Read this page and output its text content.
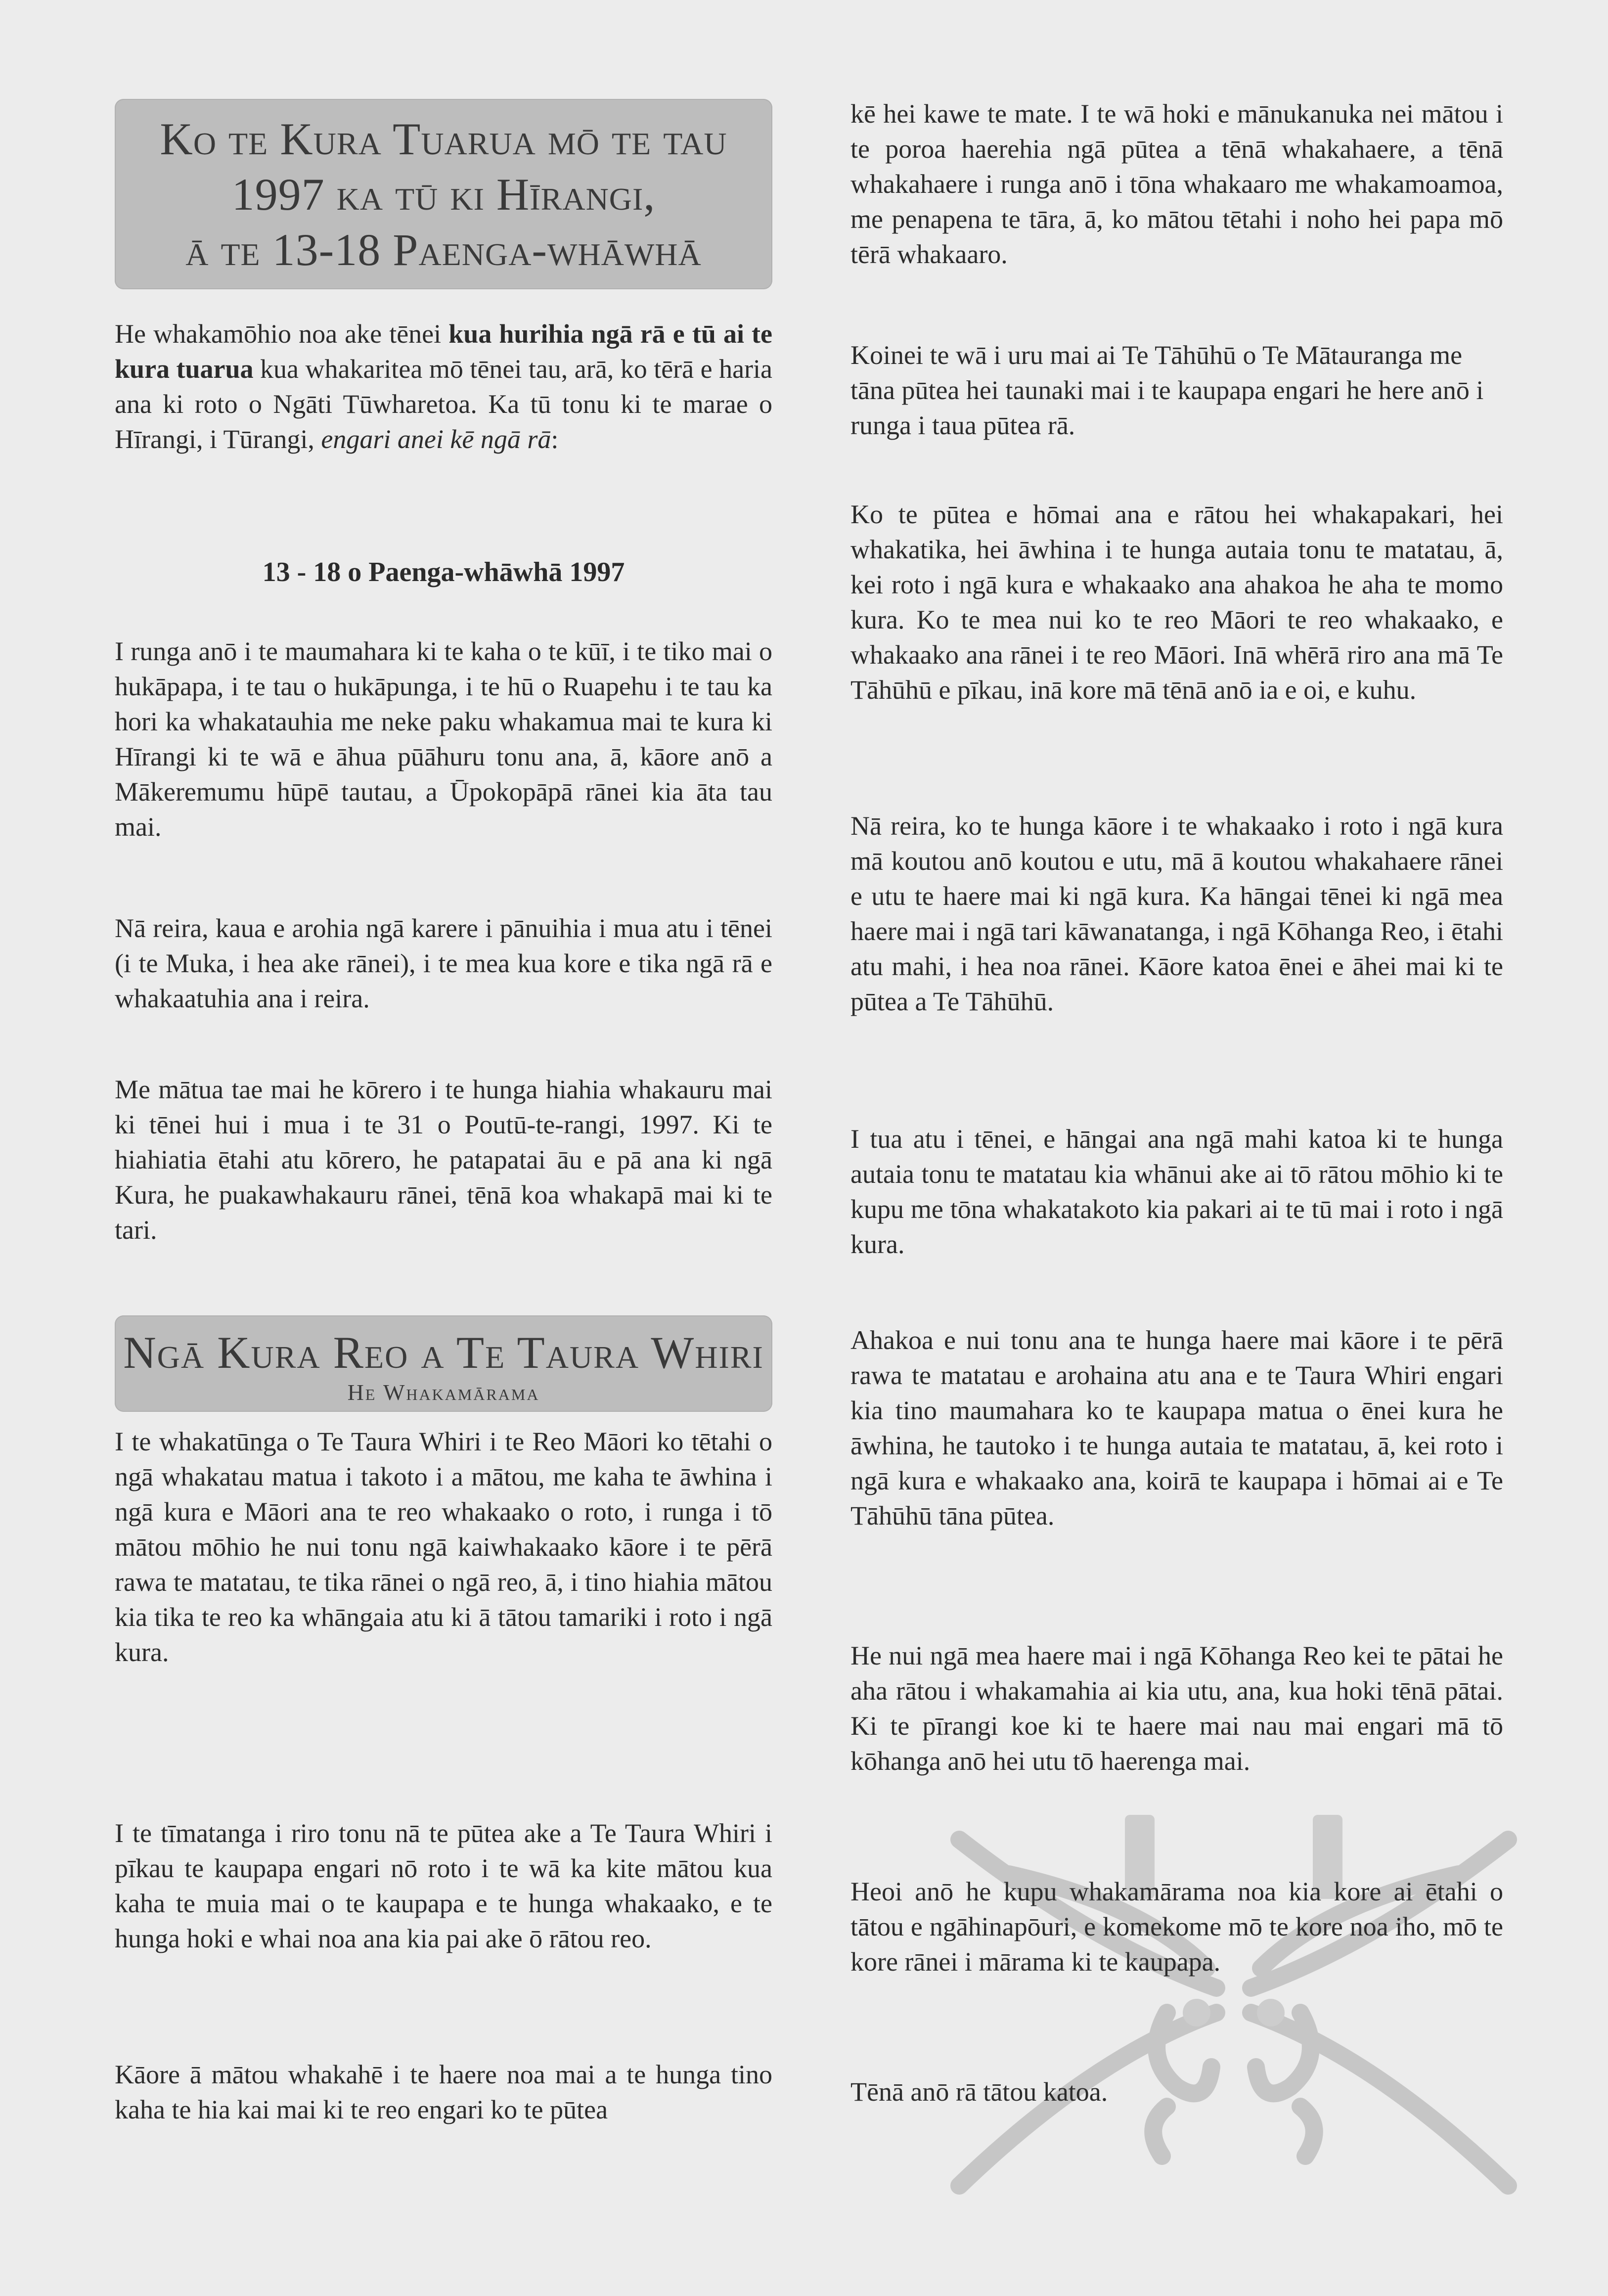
Ko te Kura Tuarua mō te tau
1997 ka tū ki Hīrangi,
ā te 13-18 Paenga-whāwhā

He whakamōhio noa ake tēnei kua hurihia ngā rā e tū ai te kura tuarua kua whakaritea mō tēnei tau, arā, ko tērā e haria ana ki roto o Ngāti Tūwharetoa. Ka tū tonu ki te marae o Hīrangi, i Tūrangi, engari anei kē ngā rā:

13 - 18 o Paenga-whāwhā 1997

I runga anō i te maumahara ki te kaha o te kūī, i te tiko mai o hukāpapa, i te tau o hukāpunga, i te hū o Ruapehu i te tau ka hori ka whakatauhia me neke paku whakamua mai te kura ki Hīrangi ki te wā e āhua pūāhuru tonu ana, ā, kāore anō a Mākeremumu hūpē tautau, a Ūpokopāpā rānei kia āta tau mai.

Nā reira, kaua e arohia ngā karere i pānuihia i mua atu i tēnei (i te Muka, i hea ake rānei), i te mea kua kore e tika ngā rā e whakaatuhia ana i reira.

Me mātua tae mai he kōrero i te hunga hiahia whakauru mai ki tēnei hui i mua i te 31 o Poutū-te-rangi, 1997. Ki te hiahiatia ētahi atu kōrero, he patapatai āu e pā ana ki ngā Kura, he puakawhakauru rānei, tēnā koa whakapā mai ki te tari.

Ngā Kura Reo a Te Taura Whiri
He Whakamārama

I te whakatūnga o Te Taura Whiri i te Reo Māori ko tētahi o ngā whakatau matua i takoto i a mātou, me kaha te āwhina i ngā kura e Māori ana te reo whakaako o roto, i runga i tō mātou mōhio he nui tonu ngā kaiwhakaako kāore i te pērā rawa te matatau, te tika rānei o ngā reo, ā, i tino hiahia mātou kia tika te reo ka whāngaia atu ki ā tātou tamariki i roto i ngā kura.

I te tīmatanga i riro tonu nā te pūtea ake a Te Taura Whiri i pīkau te kaupapa engari nō roto i te wā ka kite mātou kua kaha te muia mai o te kaupapa e te hunga whakaako, e te hunga hoki e whai noa ana kia pai ake ō rātou reo.

Kāore ā mātou whakahē i te haere noa mai a te hunga tino kaha te hia kai mai ki te reo engari ko te pūtea

kē hei kawe te mate. I te wā hoki e mānukanuka nei mātou i te poroa haerehia ngā pūtea a tēnā whakahaere, a tēnā whakahaere i runga anō i tōna whakaaro me whakamoamoa, me penapena te tāra, ā, ko mātou tētahi i noho hei papa mō tērā whakaaro.

Koinei te wā i uru mai ai Te Tāhūhū o Te Mātauranga me tāna pūtea hei taunaki mai i te kaupapa engari he here anō i runga i taua pūtea rā.

Ko te pūtea e hōmai ana e rātou hei whakapakari, hei whakatika, hei āwhina i te hunga autaia tonu te matatau, ā, kei roto i ngā kura e whakaako ana ahakoa he aha te momo kura. Ko te mea nui ko te reo Māori te reo whakaako, e whakaako ana rānei i te reo Māori. Inā whērā riro ana mā Te Tāhūhū e pīkau, inā kore mā tēnā anō ia e oi, e kuhu.

Nā reira, ko te hunga kāore i te whakaako i roto i ngā kura mā koutou anō koutou e utu, mā ā koutou whakahaere rānei e utu te haere mai ki ngā kura. Ka hāngai tēnei ki ngā mea haere mai i ngā tari kāwanatanga, i ngā Kōhanga Reo, i ētahi atu mahi, i hea noa rānei. Kāore katoa ēnei e āhei mai ki te pūtea a Te Tāhūhū.

I tua atu i tēnei, e hāngai ana ngā mahi katoa ki te hunga autaia tonu te matatau kia whānui ake ai tō rātou mōhio ki te kupu me tōna whakatakoto kia pakari ai te tū mai i roto i ngā kura.

Ahakoa e nui tonu ana te hunga haere mai kāore i te pērā rawa te matatau e arohaina atu ana e te Taura Whiri engari kia tino maumahara ko te kaupapa matua o ēnei kura he āwhina, he tautoko i te hunga autaia te matatau, ā, kei roto i ngā kura e whakaako ana, koirā te kaupapa i hōmai ai e Te Tāhūhū tāna pūtea.

He nui ngā mea haere mai i ngā Kōhanga Reo kei te pātai he aha rātou i whakamahia ai kia utu, ana, kua hoki tēnā pātai. Ki te pīrangi koe ki te haere mai nau mai engari mā tō kōhanga anō hei utu tō haerenga mai.

Heoi anō he kupu whakamārama noa kia kore ai ētahi o tātou e ngāhinapōuri, e komekome mō te kore noa iho, mō te kore rānei i mārama ki te kaupapa.

Tēnā anō rā tātou katoa.
